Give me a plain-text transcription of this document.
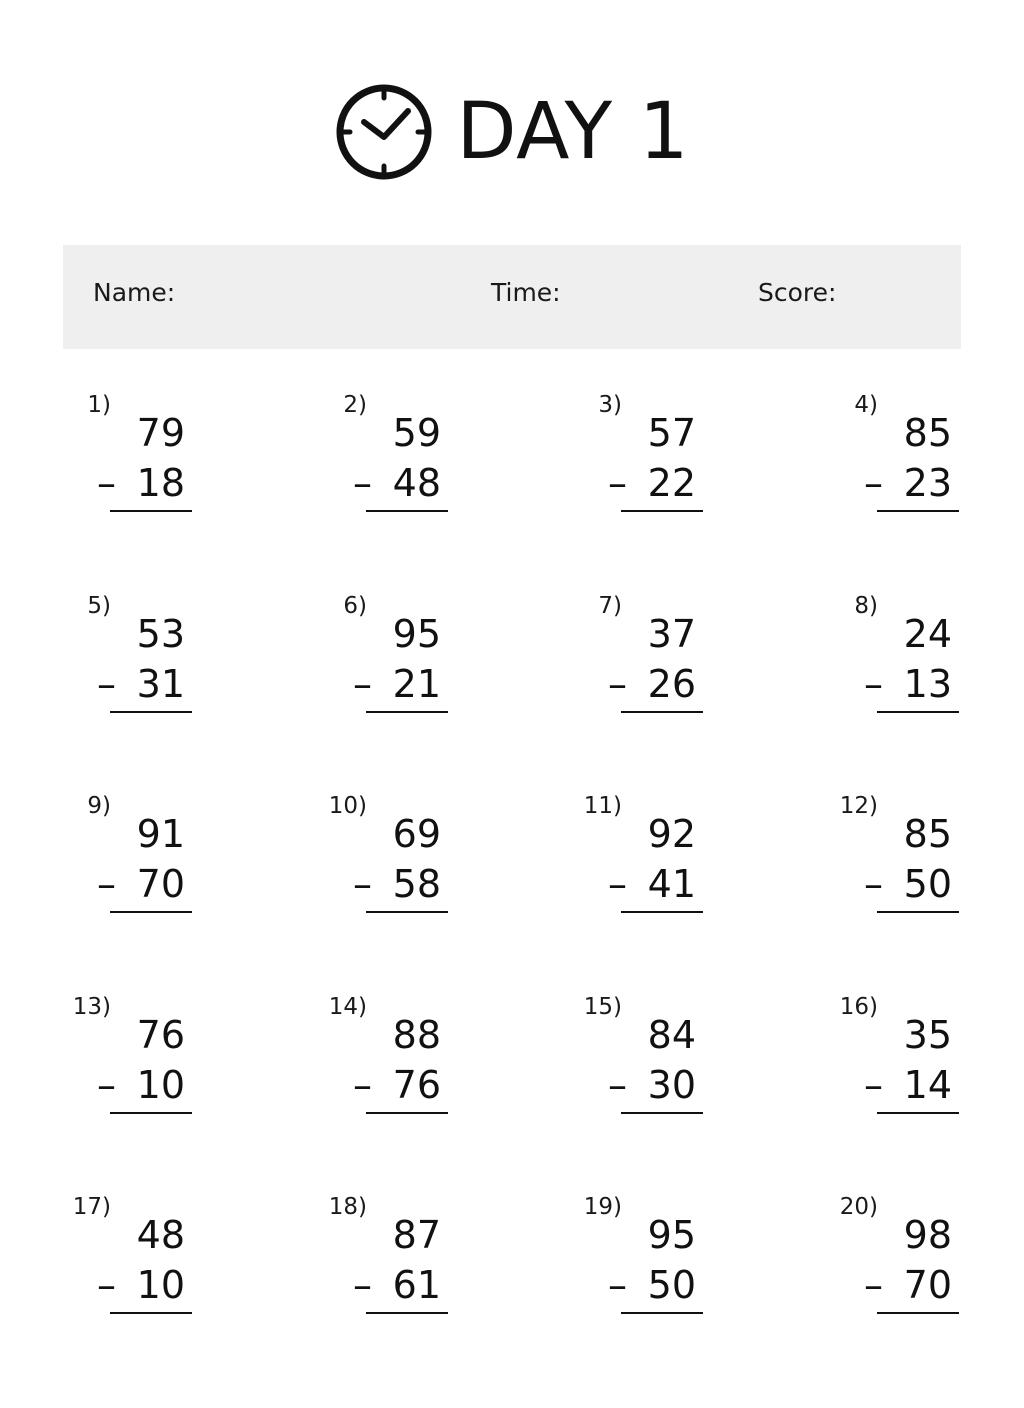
DAY 1
Name:	Time:	Score:
1)
79
– 18
2)
59
– 48
3)
57
– 22
4)
85
– 23
5)
53
– 31
6)
95
– 21
7)
37
– 26
8)
24
– 13
9)
91
– 70
10)
69
– 58
11)
92
– 41
12)
85
– 50
13)
76
– 10
14)
88
– 76
15)
84
– 30
16)
35
– 14
17)
48
– 10
18)
87
– 61
19)
95
– 50
20)
98
– 70
